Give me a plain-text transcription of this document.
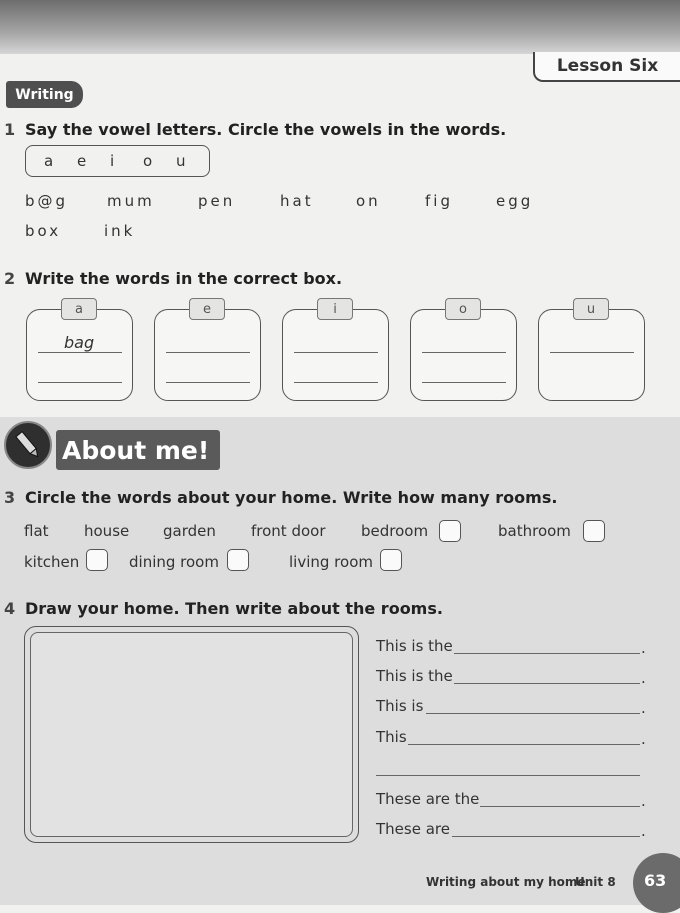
Lesson Six
Writing
1 Say the vowel letters. Circle the vowels in the words.
a	e	i	o	u
b@g	mum	pen	hat	on	fig	egg
box	ink
2 Write the words in the correct box.
a
bag
e	i	o	u
About me!
3 Circle the words about your home. Write how many rooms.
flat house garden front door bedroom	bathroom
kitchen	dining room	living room
4 Draw your home. Then write about the rooms.
This is the	.
This is the	.
This is	.
This	.
These are the	.
These are	.
Writing about my home
Unit 8 63
